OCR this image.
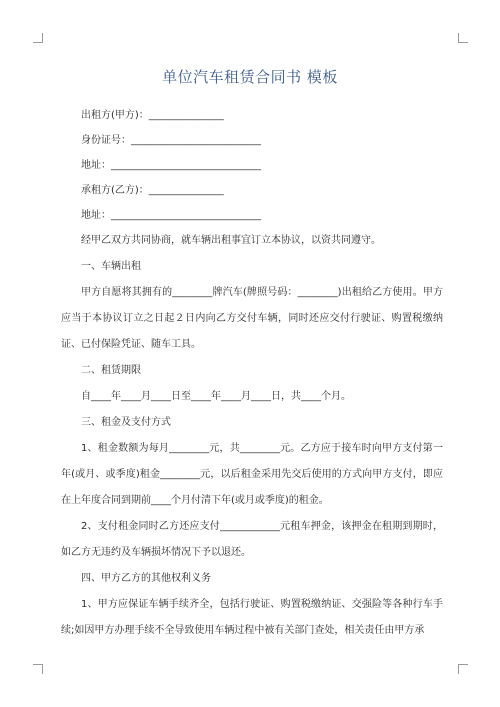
单位汽车租赁合同书 模板
出租方(甲方)：_______________
身份证号：__________________________
地址：______________________________
承租方(乙方)：_______________
地址：______________________________
经甲乙双方共同协商，就车辆出租事宜订立本协议，以资共同遵守。
一、车辆出租
甲方自愿将其拥有的________牌汽车(牌照号码：________)出租给乙方使用。甲方应当于本协议订立之日起２日内向乙方交付车辆，同时还应交付行驶证、购置税缴纳证、已付保险凭证、随车工具。
二、租赁期限
自____年____月____日至____年____月____日，共____个月。
三、租金及支付方式
1、租金数额为每月________元，共________元。乙方应于接车时向甲方支付第一年(或月、或季度)租金________元，以后租金采用先交后使用的方式向甲方支付，即应在上年度合同到期前____个月付清下年(或月或季度)的租金。
2、支付租金同时乙方还应支付____________元租车押金，该押金在租期到期时，如乙方无违约及车辆损坏情况下予以退还。
四、甲方乙方的其他权利义务
1、甲方应保证车辆手续齐全，包括行驶证、购置税缴纳证、交强险等各种行车手续;如因甲方办理手续不全导致使用车辆过程中被有关部门查处，相关责任由甲方承
